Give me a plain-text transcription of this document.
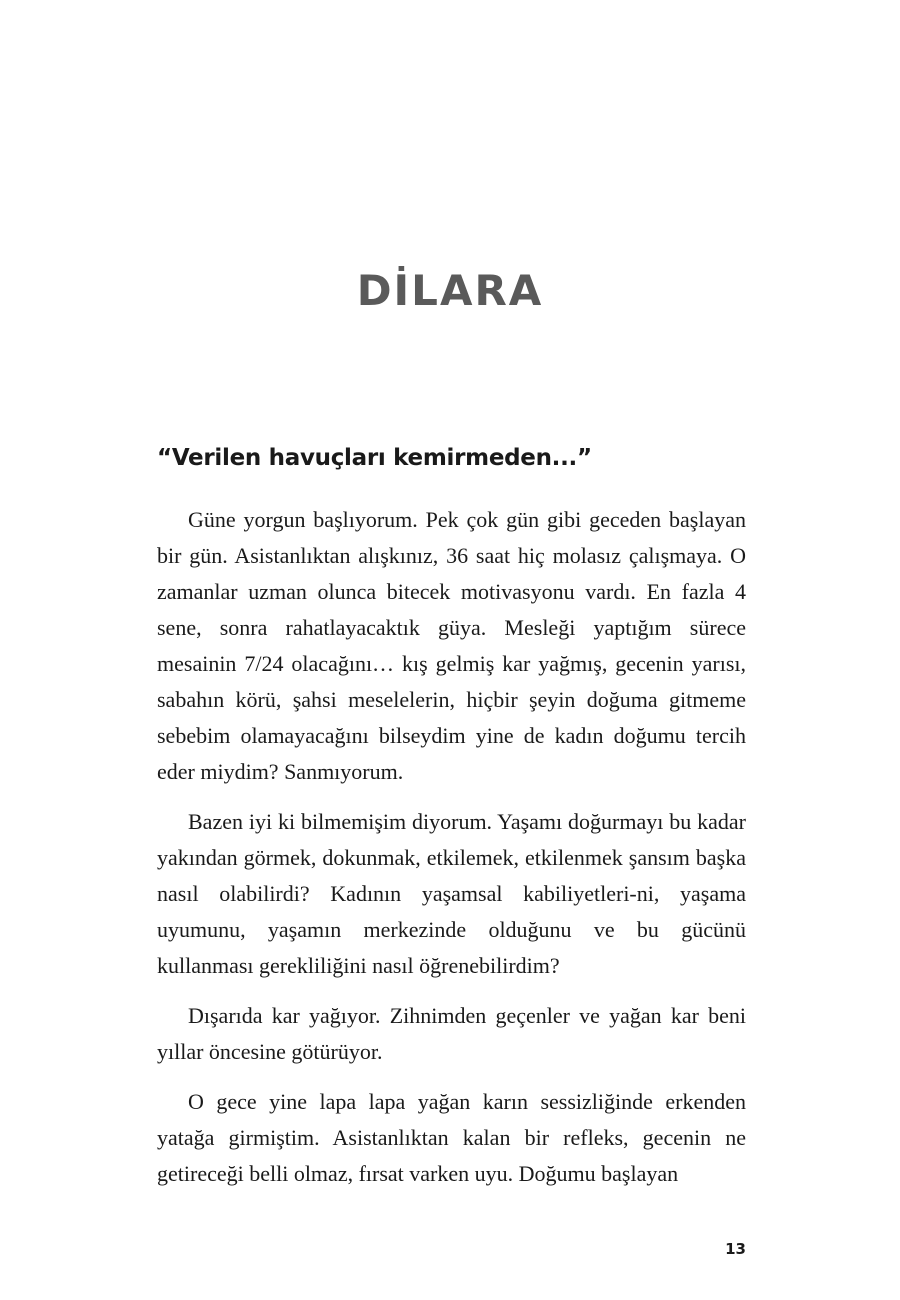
DİLARA
“Verilen havuçları kemirmeden...”

Güne yorgun başlıyorum. Pek çok gün gibi geceden başlayan bir gün. Asistanlıktan alışkınız, 36 saat hiç molasız çalışmaya. O zamanlar uzman olunca bitecek motivasyonu vardı. En fazla 4 sene, sonra rahatlayacaktık güya. Mesleği yaptığım sürece mesainin 7/24 olacağını… kış gelmiş kar yağmış, gecenin yarısı, sabahın körü, şahsi meselelerin, hiçbir şeyin doğuma gitmeme sebebim olamayacağını bilseydim yine de kadın doğumu tercih eder miydim? Sanmıyorum.

Bazen iyi ki bilmemişim diyorum. Yaşamı doğurmayı bu kadar yakından görmek, dokunmak, etkilemek, etkilenmek şansım başka nasıl olabilirdi? Kadının yaşamsal kabiliyetleri-ni, yaşama uyumunu, yaşamın merkezinde olduğunu ve bu gücünü kullanması gerekliliğini nasıl öğrenebilirdim?

Dışarıda kar yağıyor. Zihnimden geçenler ve yağan kar beni yıllar öncesine götürüyor.

O gece yine lapa lapa yağan karın sessizliğinde erkenden yatağa girmiştim. Asistanlıktan kalan bir refleks, gecenin ne getireceği belli olmaz, fırsat varken uyu. Doğumu başlayan

13
